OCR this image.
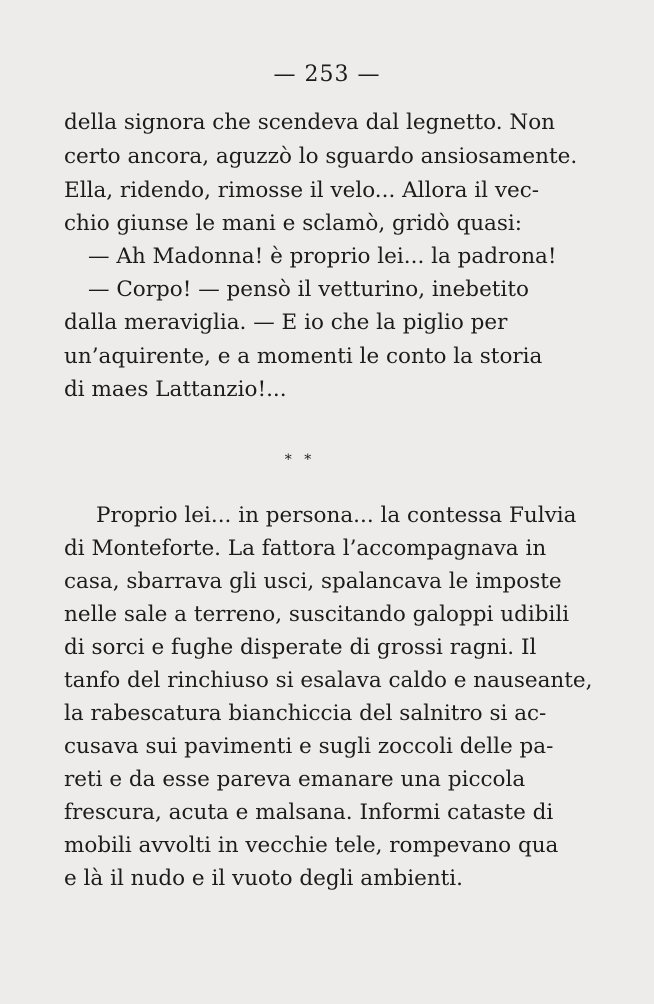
— 253 —
della signora che scendeva dal legnetto. Non
certo ancora, aguzzò lo sguardo ansiosamente.
Ella, ridendo, rimosse il velo... Allora il vec-
chio giunse le mani e sclamò, gridò quasi:
— Ah Madonna! è proprio lei... la padrona!
— Corpo! — pensò il vetturino, inebetito
dalla meraviglia. — E io che la piglio per
un’aquirente, e a momenti le conto la storia
di maes Lattanzio!...
* *
Proprio lei... in persona... la contessa Fulvia
di Monteforte. La fattora l’accompagnava in
casa, sbarrava gli usci, spalancava le imposte
nelle sale a terreno, suscitando galoppi udibili
di sorci e fughe disperate di grossi ragni. Il
tanfo del rinchiuso si esalava caldo e nauseante,
la rabescatura bianchiccia del salnitro si ac-
cusava sui pavimenti e sugli zoccoli delle pa-
reti e da esse pareva emanare una piccola
frescura, acuta e malsana. Informi cataste di
mobili avvolti in vecchie tele, rompevano qua
e là il nudo e il vuoto degli ambienti.
